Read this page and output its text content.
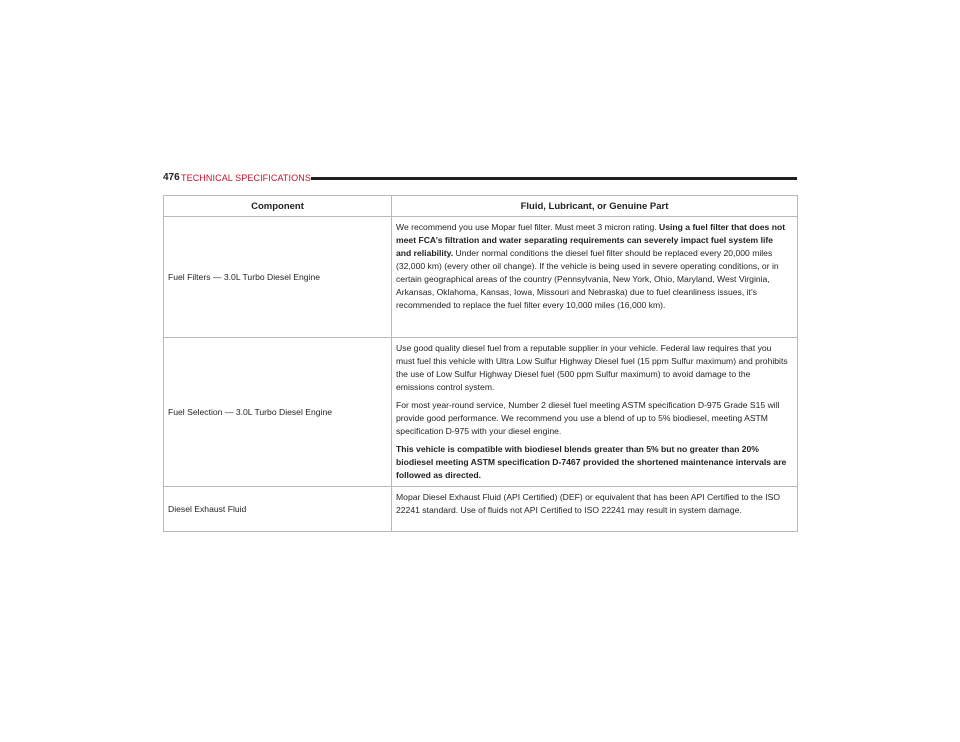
476 TECHNICAL SPECIFICATIONS
Component	Fluid, Lubricant, or Genuine Part
Fuel Filters — 3.0L Turbo Diesel Engine	We recommend you use Mopar fuel filter. Must meet 3 micron rating. Using a fuel filter that does not meet FCA’s filtration and water separating requirements can severely impact fuel system life and reliability. Under normal conditions the diesel fuel filter should be replaced every 20,000 miles (32,000 km) (every other oil change). If the vehicle is being used in severe operating conditions, or in certain geographical areas of the country (Pennsylvania, New York, Ohio, Maryland, West Virginia, Arkansas, Oklahoma, Kansas, Iowa, Missouri and Nebraska) due to fuel cleanliness issues, it’s recommended to replace the fuel filter every 10,000 miles (16,000 km).

Fuel Selection — 3.0L Turbo Diesel Engine	Use good quality diesel fuel from a reputable supplier in your vehicle. Federal law requires that you must fuel this vehicle with Ultra Low Sulfur Highway Diesel fuel (15 ppm Sulfur maximum) and prohibits the use of Low Sulfur Highway Diesel fuel (500 ppm Sulfur maximum) to avoid damage to the emissions control system.

For most year-round service, Number 2 diesel fuel meeting ASTM specification D-975 Grade S15 will provide good performance. We recommend you use a blend of up to 5% biodiesel, meeting ASTM specification D-975 with your diesel engine.

This vehicle is compatible with biodiesel blends greater than 5% but no greater than 20% biodiesel meeting ASTM specification D-7467 provided the shortened maintenance intervals are followed as directed.

Diesel Exhaust Fluid	Mopar Diesel Exhaust Fluid (API Certified) (DEF) or equivalent that has been API Certified to the ISO 22241 standard. Use of fluids not API Certified to ISO 22241 may result in system damage.
